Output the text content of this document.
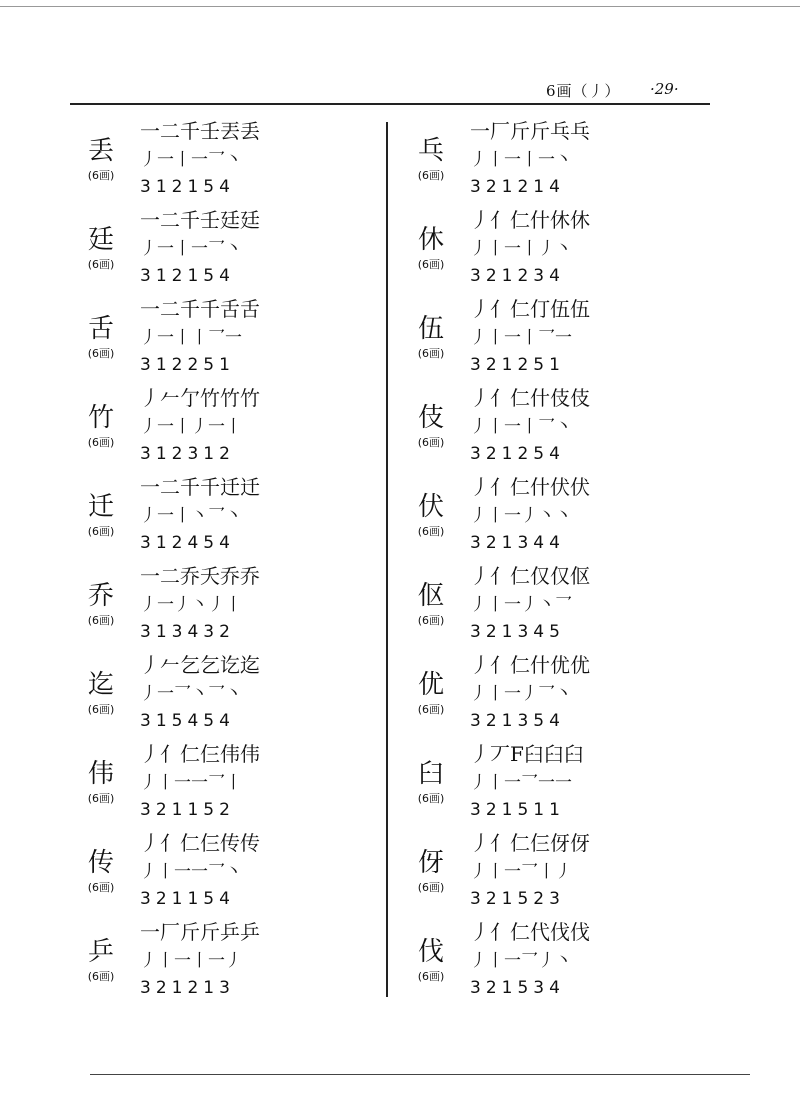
6画（丿） ·29·
丢
(6画)
一二千壬丟丢
丿一丨一乛丶
312154
廷
(6画)
一二千壬廷廷
丿一丨一乛丶
312154
舌
(6画)
一二千千舌舌
丿一丨丨乛一
312251
竹
(6画)
丿𠂉亇竹竹竹
丿一丨丿一丨
312312
迁
(6画)
一二千千迁迁
丿一丨丶乛丶
312454
乔
(6画)
一二乔夭乔乔
丿一丿丶丿丨
313432
迄
(6画)
丿𠂉乞乞讫迄
丿一乛丶乛丶
315454
伟
(6画)
丿亻仁仨伟伟
丿丨一一乛丨
321152
传
(6画)
丿亻仁仨传传
丿丨一一乛丶
321154
乒
(6画)
一厂斤斤乒乒
丿丨一丨一丿
321213
乓
(6画)
一厂斤斤乓乓
丿丨一丨一丶
321214
休
(6画)
丿亻仁什休休
丿丨一丨丿丶
321234
伍
(6画)
丿亻仁仃伍伍
丿丨一丨乛一
321251
伎
(6画)
丿亻仁什伎伎
丿丨一丨乛丶
321254
伏
(6画)
丿亻仁什伏伏
丿丨一丿丶丶
321344
伛
(6画)
丿亻仁仅仅伛
丿丨一丿丶乛
321345
优
(6画)
丿亻仁什优优
丿丨一丿乛丶
321354
臼
(6画)
丿丆F臼臼臼
丿丨一乛一一
321511
伢
(6画)
丿亻仁仨伢伢
丿丨一乛丨丿
321523
伐
(6画)
丿亻仁代伐伐
丿丨一乛丿丶
321534
